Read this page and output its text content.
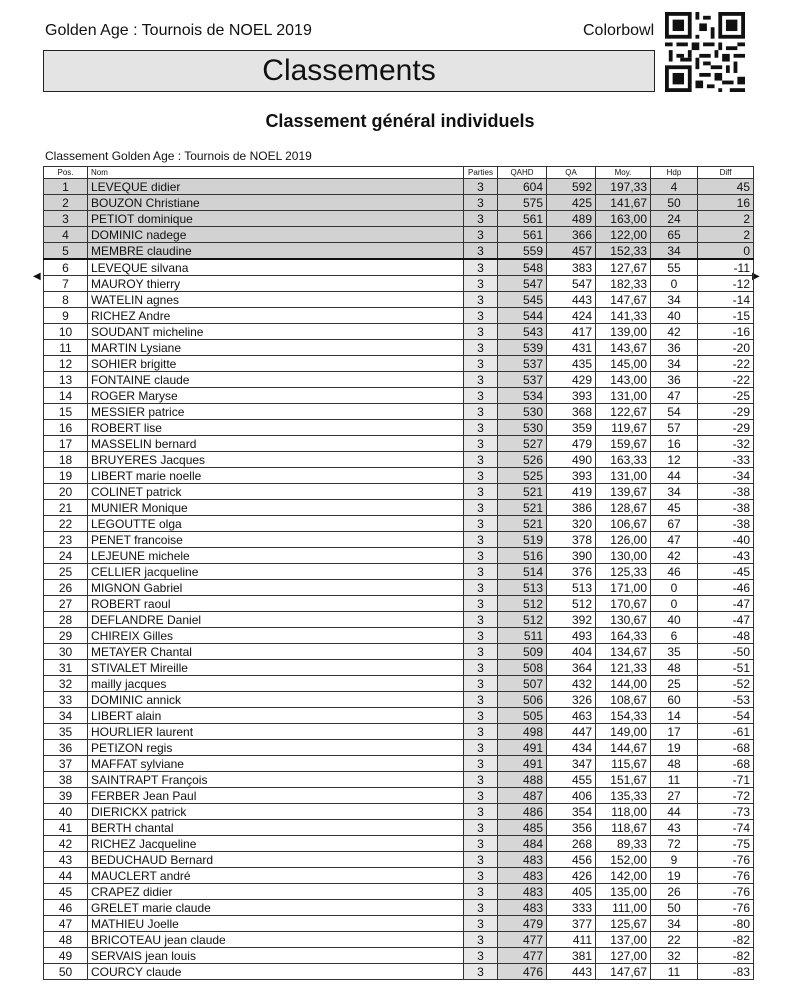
Golden Age : Tournois de NOEL 2019	Colorbowl
Classements
Classement général individuels
Classement Golden Age : Tournois de NOEL 2019
◀	▶
Pos.	Nom	Parties	QAHD	QA	Moy.	Hdp	Diff
1	LEVEQUE didier	3	604	592	197,33	4	45
2	BOUZON Christiane	3	575	425	141,67	50	16
3	PETIOT dominique	3	561	489	163,00	24	2
4	DOMINIC nadege	3	561	366	122,00	65	2
5	MEMBRE claudine	3	559	457	152,33	34	0
6	LEVEQUE silvana	3	548	383	127,67	55	-11
7	MAUROY thierry	3	547	547	182,33	0	-12
8	WATELIN agnes	3	545	443	147,67	34	-14
9	RICHEZ Andre	3	544	424	141,33	40	-15
10	SOUDANT micheline	3	543	417	139,00	42	-16
11	MARTIN Lysiane	3	539	431	143,67	36	-20
12	SOHIER brigitte	3	537	435	145,00	34	-22
13	FONTAINE claude	3	537	429	143,00	36	-22
14	ROGER Maryse	3	534	393	131,00	47	-25
15	MESSIER patrice	3	530	368	122,67	54	-29
16	ROBERT lise	3	530	359	119,67	57	-29
17	MASSELIN bernard	3	527	479	159,67	16	-32
18	BRUYERES Jacques	3	526	490	163,33	12	-33
19	LIBERT marie noelle	3	525	393	131,00	44	-34
20	COLINET patrick	3	521	419	139,67	34	-38
21	MUNIER Monique	3	521	386	128,67	45	-38
22	LEGOUTTE olga	3	521	320	106,67	67	-38
23	PENET francoise	3	519	378	126,00	47	-40
24	LEJEUNE michele	3	516	390	130,00	42	-43
25	CELLIER jacqueline	3	514	376	125,33	46	-45
26	MIGNON Gabriel	3	513	513	171,00	0	-46
27	ROBERT raoul	3	512	512	170,67	0	-47
28	DEFLANDRE Daniel	3	512	392	130,67	40	-47
29	CHIREIX Gilles	3	511	493	164,33	6	-48
30	METAYER Chantal	3	509	404	134,67	35	-50
31	STIVALET Mireille	3	508	364	121,33	48	-51
32	mailly jacques	3	507	432	144,00	25	-52
33	DOMINIC annick	3	506	326	108,67	60	-53
34	LIBERT alain	3	505	463	154,33	14	-54
35	HOURLIER laurent	3	498	447	149,00	17	-61
36	PETIZON regis	3	491	434	144,67	19	-68
37	MAFFAT sylviane	3	491	347	115,67	48	-68
38	SAINTRAPT François	3	488	455	151,67	11	-71
39	FERBER Jean Paul	3	487	406	135,33	27	-72
40	DIERICKX patrick	3	486	354	118,00	44	-73
41	BERTH chantal	3	485	356	118,67	43	-74
42	RICHEZ Jacqueline	3	484	268	89,33	72	-75
43	BEDUCHAUD Bernard	3	483	456	152,00	9	-76
44	MAUCLERT andré	3	483	426	142,00	19	-76
45	CRAPEZ didier	3	483	405	135,00	26	-76
46	GRELET marie claude	3	483	333	111,00	50	-76
47	MATHIEU Joelle	3	479	377	125,67	34	-80
48	BRICOTEAU jean claude	3	477	411	137,00	22	-82
49	SERVAIS jean louis	3	477	381	127,00	32	-82
50	COURCY claude	3	476	443	147,67	11	-83
